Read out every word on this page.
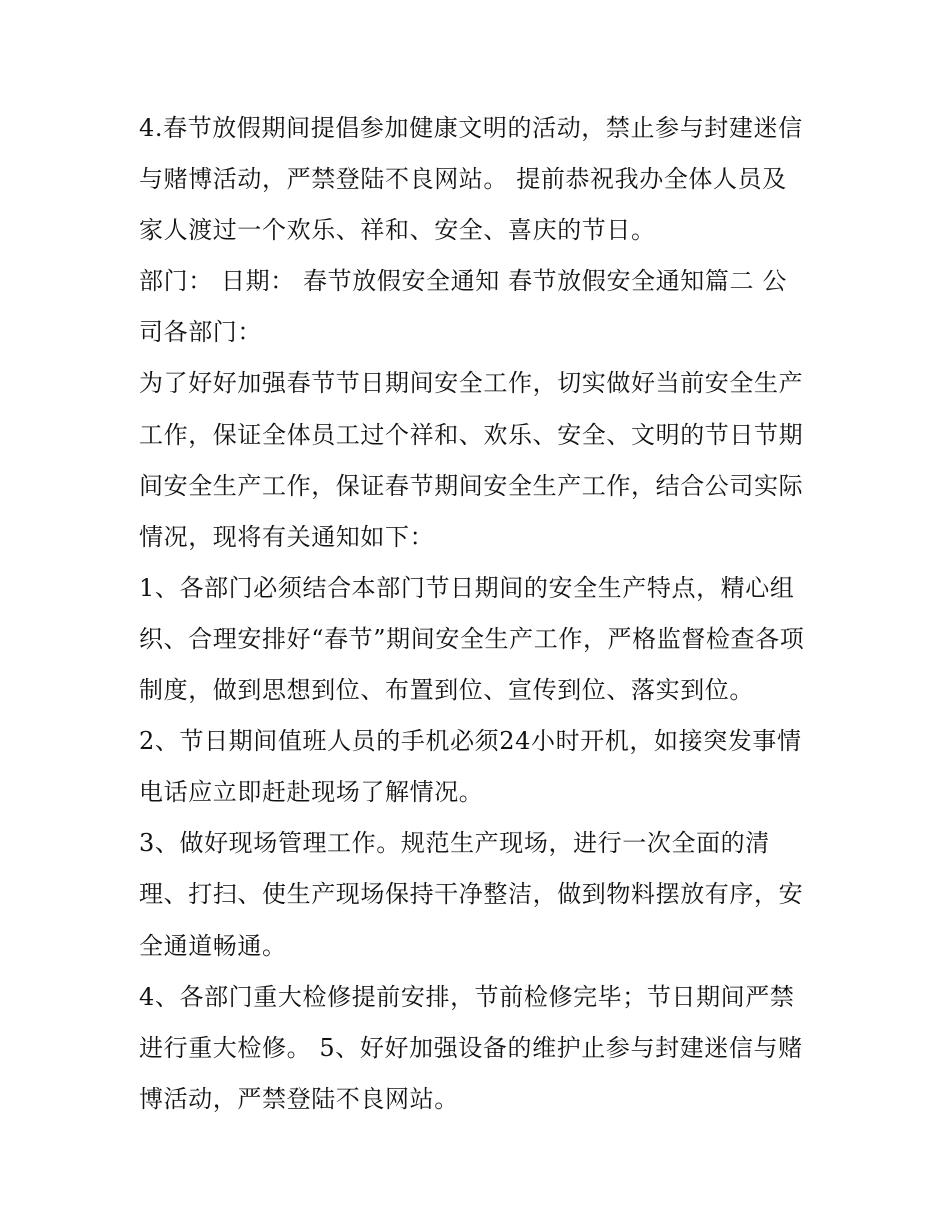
4.春节放假期间提倡参加健康文明的活动，禁止参与封建迷信
与赌博活动，严禁登陆不良网站。 提前恭祝我办全体人员及
家人渡过一个欢乐、祥和、安全、喜庆的节日。
部门： 日期： 春节放假安全通知 春节放假安全通知篇二 公
司各部门：
为了好好加强春节节日期间安全工作，切实做好当前安全生产
工作，保证全体员工过个祥和、欢乐、安全、文明的节日节期
间安全生产工作，保证春节期间安全生产工作，结合公司实际
情况，现将有关通知如下：
1、各部门必须结合本部门节日期间的安全生产特点，精心组
织、合理安排好“春节”期间安全生产工作，严格监督检查各项
制度，做到思想到位、布置到位、宣传到位、落实到位。
2、节日期间值班人员的手机必须24小时开机，如接突发事情
电话应立即赶赴现场了解情况。
3、做好现场管理工作。规范生产现场，进行一次全面的清
理、打扫、使生产现场保持干净整洁，做到物料摆放有序，安
全通道畅通。
4、各部门重大检修提前安排，节前检修完毕；节日期间严禁
进行重大检修。 5、好好加强设备的维护止参与封建迷信与赌
博活动，严禁登陆不良网站。
